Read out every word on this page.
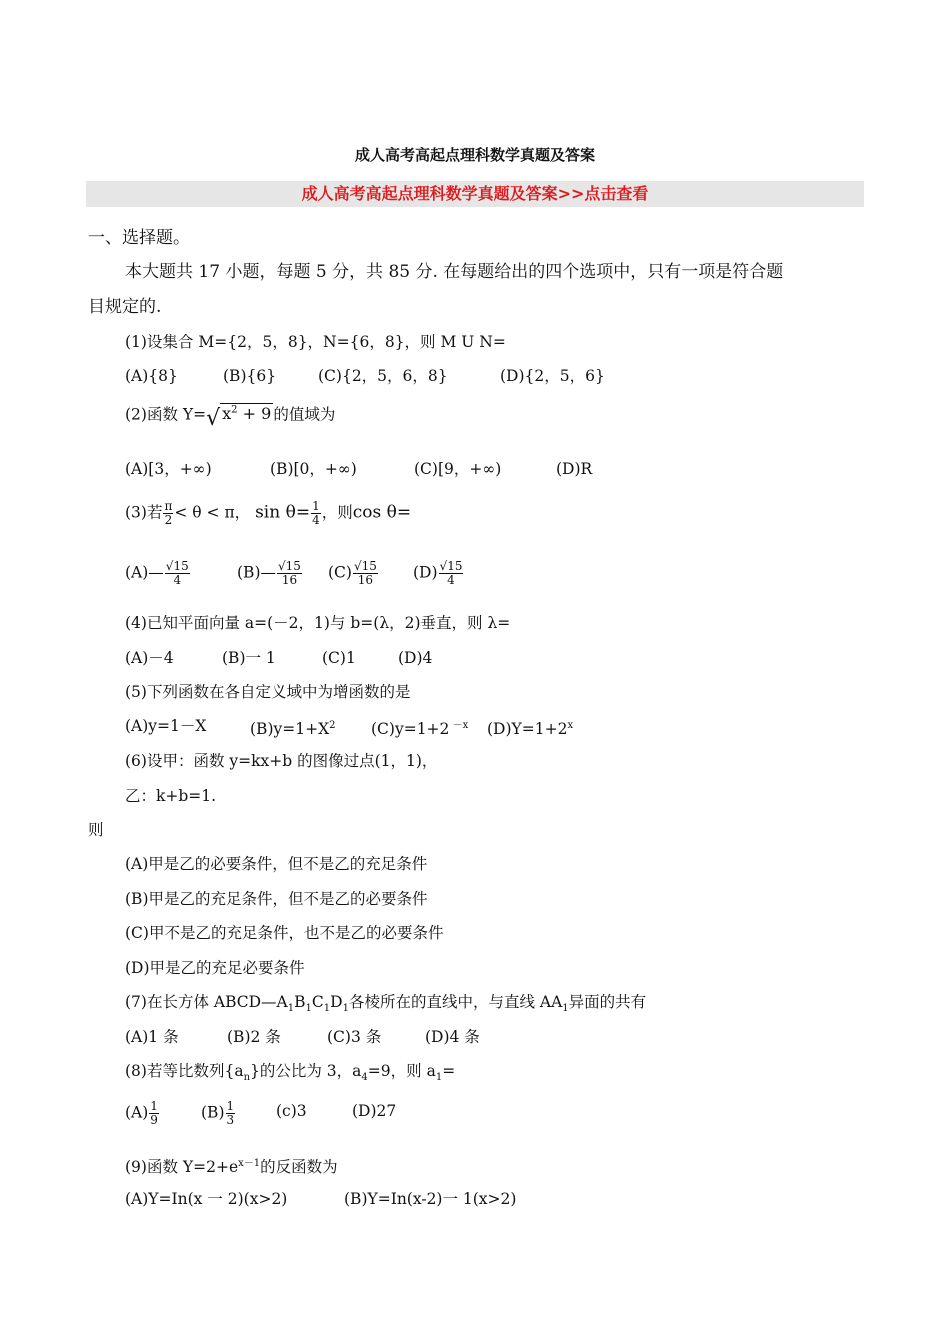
成人高考高起点理科数学真题及答案
成人高考高起点理科数学真题及答案>>点击查看
一、选择题。
本大题共 17 小题，每题 5 分，共 85 分. 在每题给出的四个选项中，只有一项是符合题
目规定的.
(1)设集合 M={2，5，8}，N={6，8}，则 M U N=
(A){8}	(B){6}	(C){2，5，6，8}	(D){2，5，6}
(2)函数 Y=√ $x^2 + 9$ 的值域为
(A)[3，+∞)	(B)[0，+∞)	(C)[9，+∞)	(D)R
(3)若 $\frac{\pi}{2} < \theta < \pi$， $\sin \theta= \frac{1}{4}$ ，则cos θ=
(A)— $\frac{√15}{4}$	(B)— $\frac{√15}{16} (C) \frac{√15}{16} (D) \frac{√15}{4}$
(4)已知平面向量 a=(－2，1)与 b=(λ，2)垂直，则 λ=
(A)－4	(B)一 1	(C)1	(D)4
(5)下列函数在各自定义域中为增函数的是
(A)y=1－X	$(B)y=1+X^2$ (C)y=1+2 $^{-x}$ $(D)Y=1+2^x$
(6)设甲：函数 y=kx+b 的图像过点(1，1)，
乙：k+b=1.
则
(A)甲是乙的必要条件，但不是乙的充足条件
(B)甲是乙的充足条件，但不是乙的必要条件
(C)甲不是乙的充足条件，也不是乙的必要条件
(D)甲是乙的充足必要条件
(7)在长方体 $ABCD—A_1B_1C_1D_1$各棱所在的直线中，与直线 $AA_1$异面的共有
(A)1 条	(B)2 条	(C)3 条	(D)4 条
(8)若等比数列$\{a_n\}$的公比为 3，$a_4=9$，则 $a_1=$
$(A) \frac{1}{9}$	$(B) \frac{1}{3}$	(c)3	(D)27
(9)函数 $Y=2+e^{x-1}$的反函数为
(A)Y=In(x 一 2)(x>2)	(B)Y=In(x-2)一 1(x>2)
